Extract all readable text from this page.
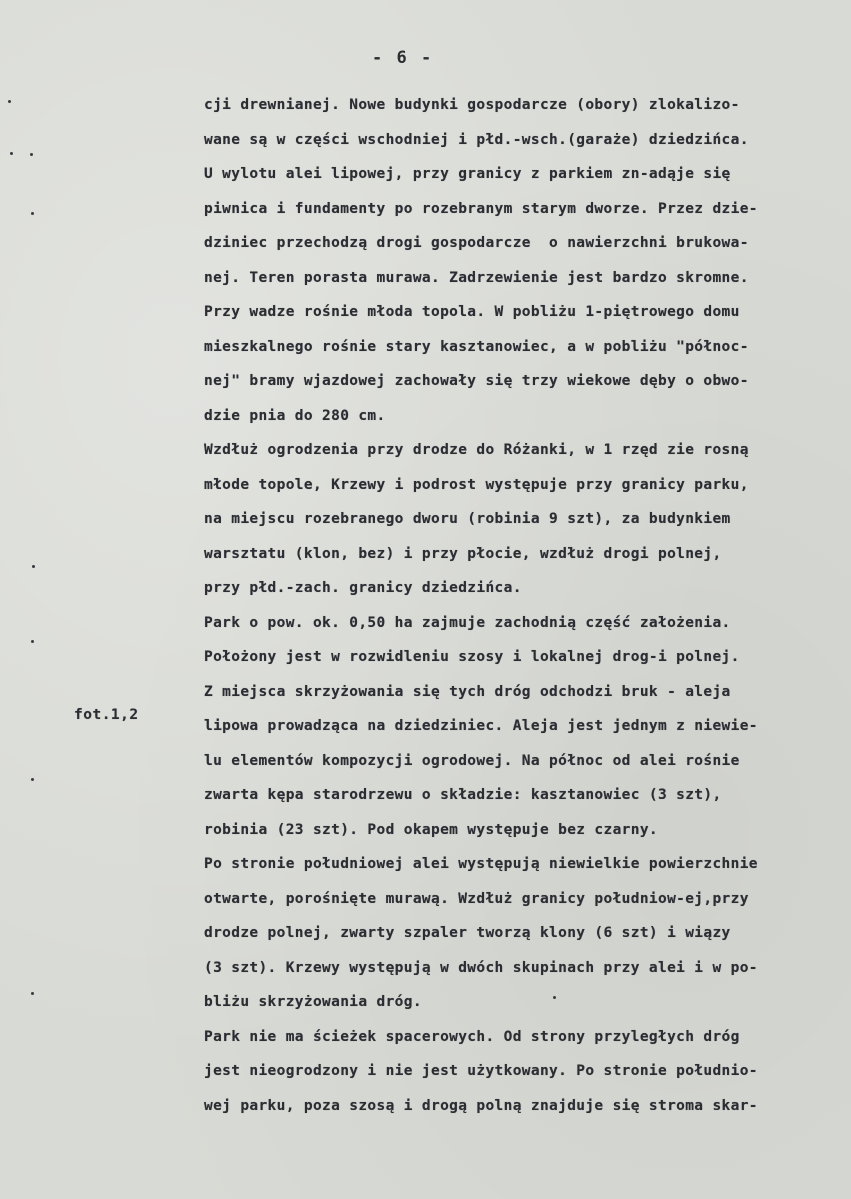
- 6 -
fot.1,2
cji drewnianej. Nowe budynki gospodarcze (obory) zlokalizo-
wane są w części wschodniej i płd.-wsch.(garaże) dziedzińca.
U wylotu alei lipowej, przy granicy z parkiem zn-adąje się
piwnica i fundamenty po rozebranym starym dworze. Przez dzie-
dziniec przechodzą drogi gospodarcze  o nawierzchni brukowa-
nej. Teren porasta murawa. Zadrzewienie jest bardzo skromne.
Przy wadze rośnie młoda topola. W pobliżu 1-piętrowego domu
mieszkalnego rośnie stary kasztanowiec, a w pobliżu "północ-
nej" bramy wjazdowej zachowały się trzy wiekowe dęby o obwo-
dzie pnia do 280 cm.
Wzdłuż ogrodzenia przy drodze do Różanki, w 1 rzęd zie rosną
młode topole, Krzewy i podrost występuje przy granicy parku,
na miejscu rozebranego dworu (robinia 9 szt), za budynkiem
warsztatu (klon, bez) i przy płocie, wzdłuż drogi polnej,
przy płd.-zach. granicy dziedzińca.
Park o pow. ok. 0,50 ha zajmuje zachodnią część założenia.
Położony jest w rozwidleniu szosy i lokalnej drog-i polnej.
Z miejsca skrzyżowania się tych dróg odchodzi bruk - aleja
lipowa prowadząca na dziedziniec. Aleja jest jednym z niewie-
lu elementów kompozycji ogrodowej. Na północ od alei rośnie
zwarta kępa starodrzewu o składzie: kasztanowiec (3 szt),
robinia (23 szt). Pod okapem występuje bez czarny.
Po stronie południowej alei występują niewielkie powierzchnie
otwarte, porośnięte murawą. Wzdłuż granicy południow-ej,przy
drodze polnej, zwarty szpaler tworzą klony (6 szt) i wiązy
(3 szt). Krzewy występują w dwóch skupinach przy alei i w po-
bliżu skrzyżowania dróg.
Park nie ma ścieżek spacerowych. Od strony przyległych dróg
jest nieogrodzony i nie jest użytkowany. Po stronie południo-
wej parku, poza szosą i drogą polną znajduje się stroma skar-
